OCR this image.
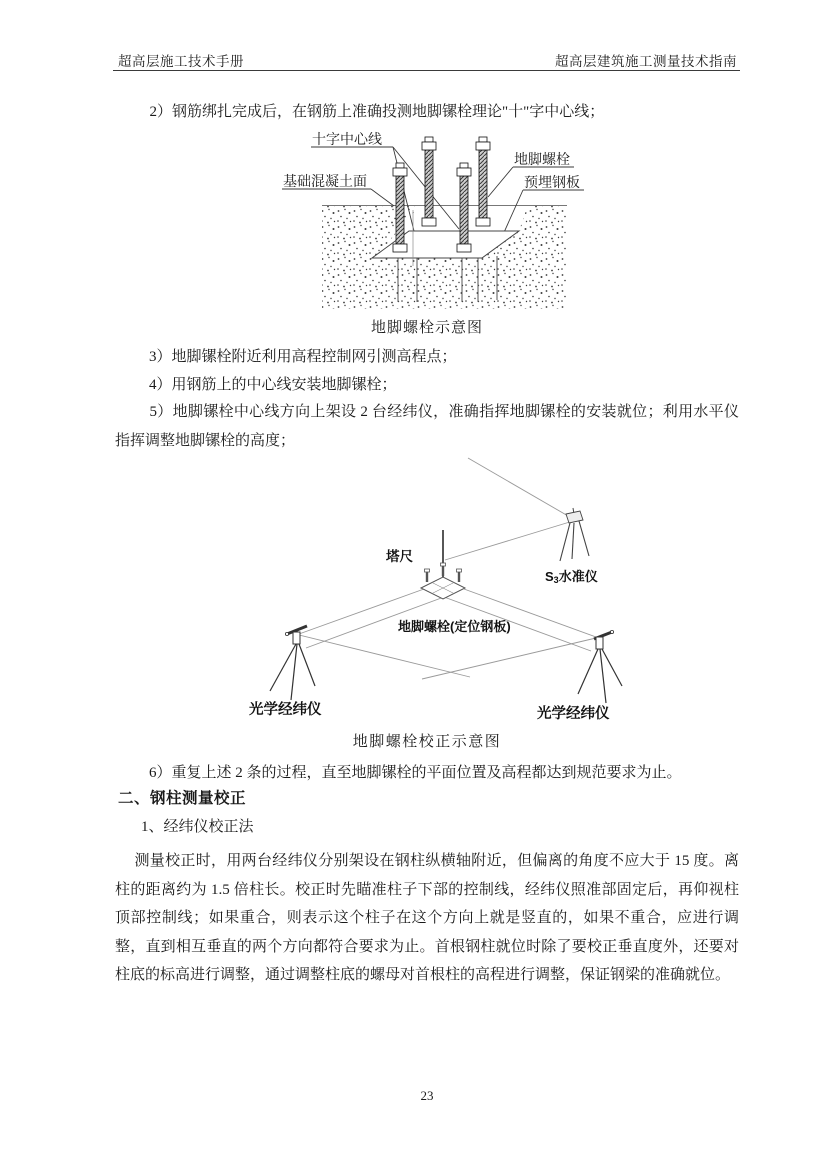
超高层施工技术手册	超高层建筑施工测量技术指南
2）钢筋绑扎完成后，在钢筋上准确投测地脚镙栓理论"十"字中心线；
十字中心线
基础混凝土面
地脚螺栓
预埋钢板
地脚螺栓示意图
3）地脚镙栓附近利用高程控制网引测高程点；
4）用钢筋上的中心线安装地脚镙栓；
5）地脚镙栓中心线方向上架设 2 台经纬仪，准确指挥地脚镙栓的安装就位；利用水平仪指挥调整地脚镙栓的高度；
塔尺
S3水准仪
地脚螺栓(定位钢板)
光学经纬仪	光学经纬仪
地脚螺栓校正示意图
6）重复上述 2 条的过程，直至地脚镙栓的平面位置及高程都达到规范要求为止。
二、钢柱测量校正
1、经纬仪校正法
测量校正时，用两台经纬仪分别架设在钢柱纵横轴附近，但偏离的角度不应大于 15 度。离柱的距离约为 1.5 倍柱长。校正时先瞄准柱子下部的控制线，经纬仪照准部固定后，再仰视柱顶部控制线；如果重合，则表示这个柱子在这个方向上就是竖直的，如果不重合，应进行调整，直到相互垂直的两个方向都符合要求为止。首根钢柱就位时除了要校正垂直度外，还要对柱底的标高进行调整，通过调整柱底的螺母对首根柱的高程进行调整，保证钢梁的准确就位。
23
